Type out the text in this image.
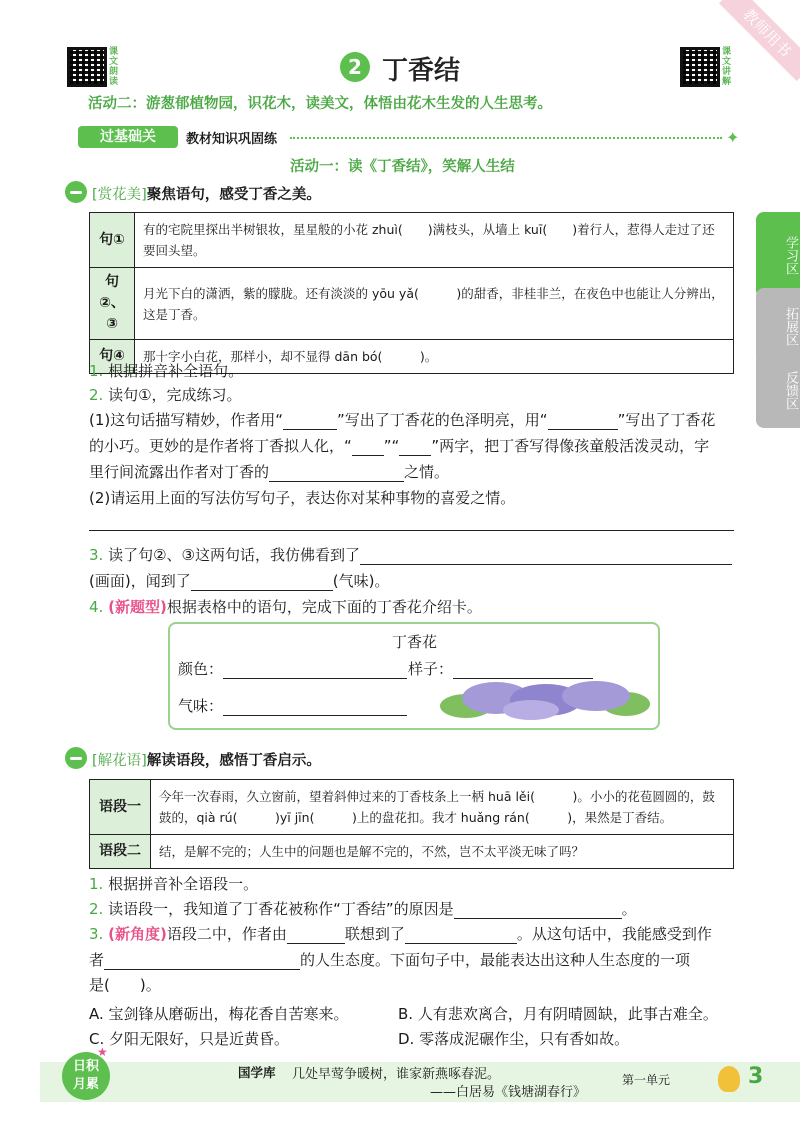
课文朗读
课文讲解
2 丁香结
教师用书
活动二：游葱郁植物园，识花木，读美文，体悟由花木生发的人生思考。
过基础关	教材知识巩固练	✦
活动一：读《丁香结》，笑解人生结
学习区
拓展区
反馈区
[赏花美]聚焦语句，感受丁香之美。
句①	有的宅院里探出半树银妆，星星般的小花 zhuì(　　)满枝头，从墙上 kuī(　　)着行人，惹得人走过了还要回头望。
句②、③	月光下白的潇洒，紫的朦胧。还有淡淡的 yōu yǎ(　　　)的甜香，非桂非兰，在夜色中也能让人分辨出，这是丁香。
句④	那十字小白花，那样小，却不显得 dān bó(　　　)。
1. 根据拼音补全语句。
2. 读句①，完成练习。
(1)这句话描写精妙，作者用“	”写出了丁香花的色泽明亮，用“	”写出了丁香花
的小巧。更妙的是作者将丁香拟人化，“ ”“ ”两字，把丁香写得像孩童般活泼灵动，字
里行间流露出作者对丁香的	之情。
(2)请运用上面的写法仿写句子，表达你对某种事物的喜爱之情。
3. 读了句②、③这两句话，我仿佛看到了
(画面)，闻到了	(气味)。
4. (新题型)根据表格中的语句，完成下面的丁香花介绍卡。
丁香花
颜色：	样子：
气味：
[解花语]解读语段，感悟丁香启示。
语段一	今年一次春雨，久立窗前，望着斜伸过来的丁香枝条上一柄 huā lěi(　　　)。小小的花苞圆圆的，鼓鼓的，qià rú(　　　)yī jīn(　　　)上的盘花扣。我才 huǎng rán(　　　)，果然是丁香结。
语段二	结，是解不完的；人生中的问题也是解不完的，不然，岂不太平淡无味了吗？
1. 根据拼音补全语段一。
2. 读语段一，我知道了丁香花被称作“丁香结”的原因是	。
3. (新角度)语段二中，作者由	联想到了	。从这句话中，我能感受到作
者	的人生态度。下面句子中，最能表达出这种人生态度的一项
是(　　)。
A. 宝剑锋从磨砺出，梅花香自苦寒来。	B. 人有悲欢离合，月有阴晴圆缺，此事古难全。
C. 夕阳无限好，只是近黄昏。	D. 零落成泥碾作尘，只有香如故。
日积
月累
★
国学库 几处早莺争暖树，谁家新燕啄春泥。
——白居易《钱塘湖春行》
第一单元	3
